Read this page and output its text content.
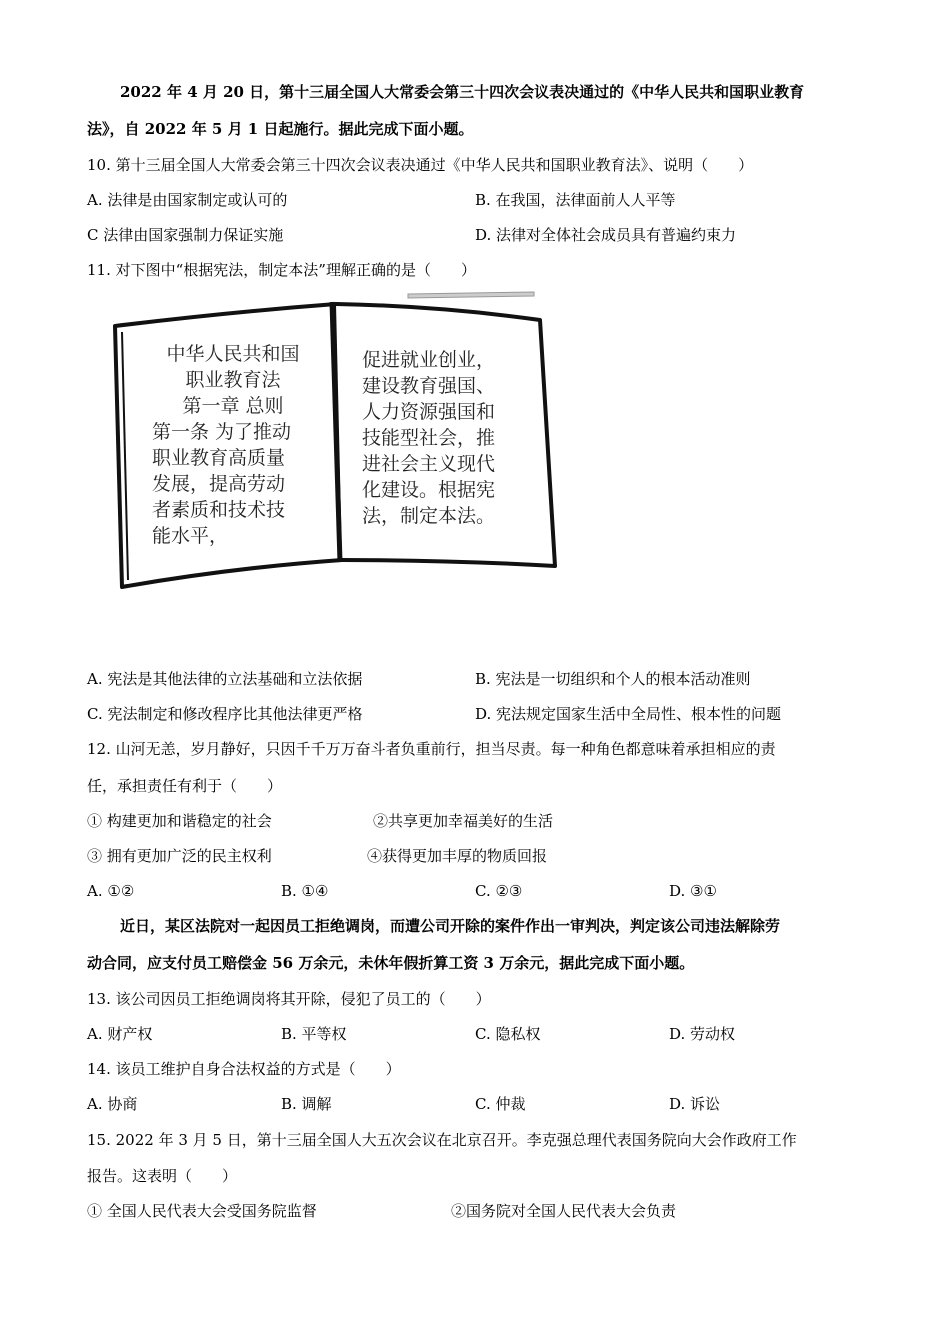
2022 年 4 月 20 日，第十三届全国人大常委会第三十四次会议表决通过的《中华人民共和国职业教育
法》，自 2022 年 5 月 1 日起施行。据此完成下面小题。
10. 第十三届全国人大常委会第三十四次会议表决通过《中华人民共和国职业教育法》、说明（　　）
A. 法律是由国家制定或认可的	B. 在我国，法律面前人人平等
C 法律由国家强制力保证实施	D. 法律对全体社会成员具有普遍约束力
11. 对下图中“根据宪法，制定本法”理解正确的是（　　）
中华人民共和国
职业教育法
第一章 总则
第一条 为了推动
职业教育高质量
发展，提高劳动
者素质和技术技
能水平，
促进就业创业，
建设教育强国、
人力资源强国和
技能型社会，推
进社会主义现代
化建设。根据宪
法，制定本法。
A. 宪法是其他法律的立法基础和立法依据	B. 宪法是一切组织和个人的根本活动准则
C. 宪法制定和修改程序比其他法律更严格	D. 宪法规定国家生活中全局性、根本性的问题
12. 山河无恙，岁月静好，只因千千万万奋斗者负重前行，担当尽责。每一种角色都意味着承担相应的责
任，承担责任有利于（　　）
① 构建更加和谐稳定的社会	②共享更加幸福美好的生活
③ 拥有更加广泛的民主权利	④获得更加丰厚的物质回报
A. ①②	B. ①④	C. ②③	D. ③①
近日，某区法院对一起因员工拒绝调岗，而遭公司开除的案件作出一审判决，判定该公司违法解除劳
动合同，应支付员工赔偿金 56 万余元，未休年假折算工资 3 万余元，据此完成下面小题。
13. 该公司因员工拒绝调岗将其开除，侵犯了员工的（　　）
A. 财产权	B. 平等权	C. 隐私权	D. 劳动权
14. 该员工维护自身合法权益的方式是（　　）
A. 协商	B. 调解	C. 仲裁	D. 诉讼
15. 2022 年 3 月 5 日，第十三届全国人大五次会议在北京召开。李克强总理代表国务院向大会作政府工作
报告。这表明（　　）
① 全国人民代表大会受国务院监督	②国务院对全国人民代表大会负责
